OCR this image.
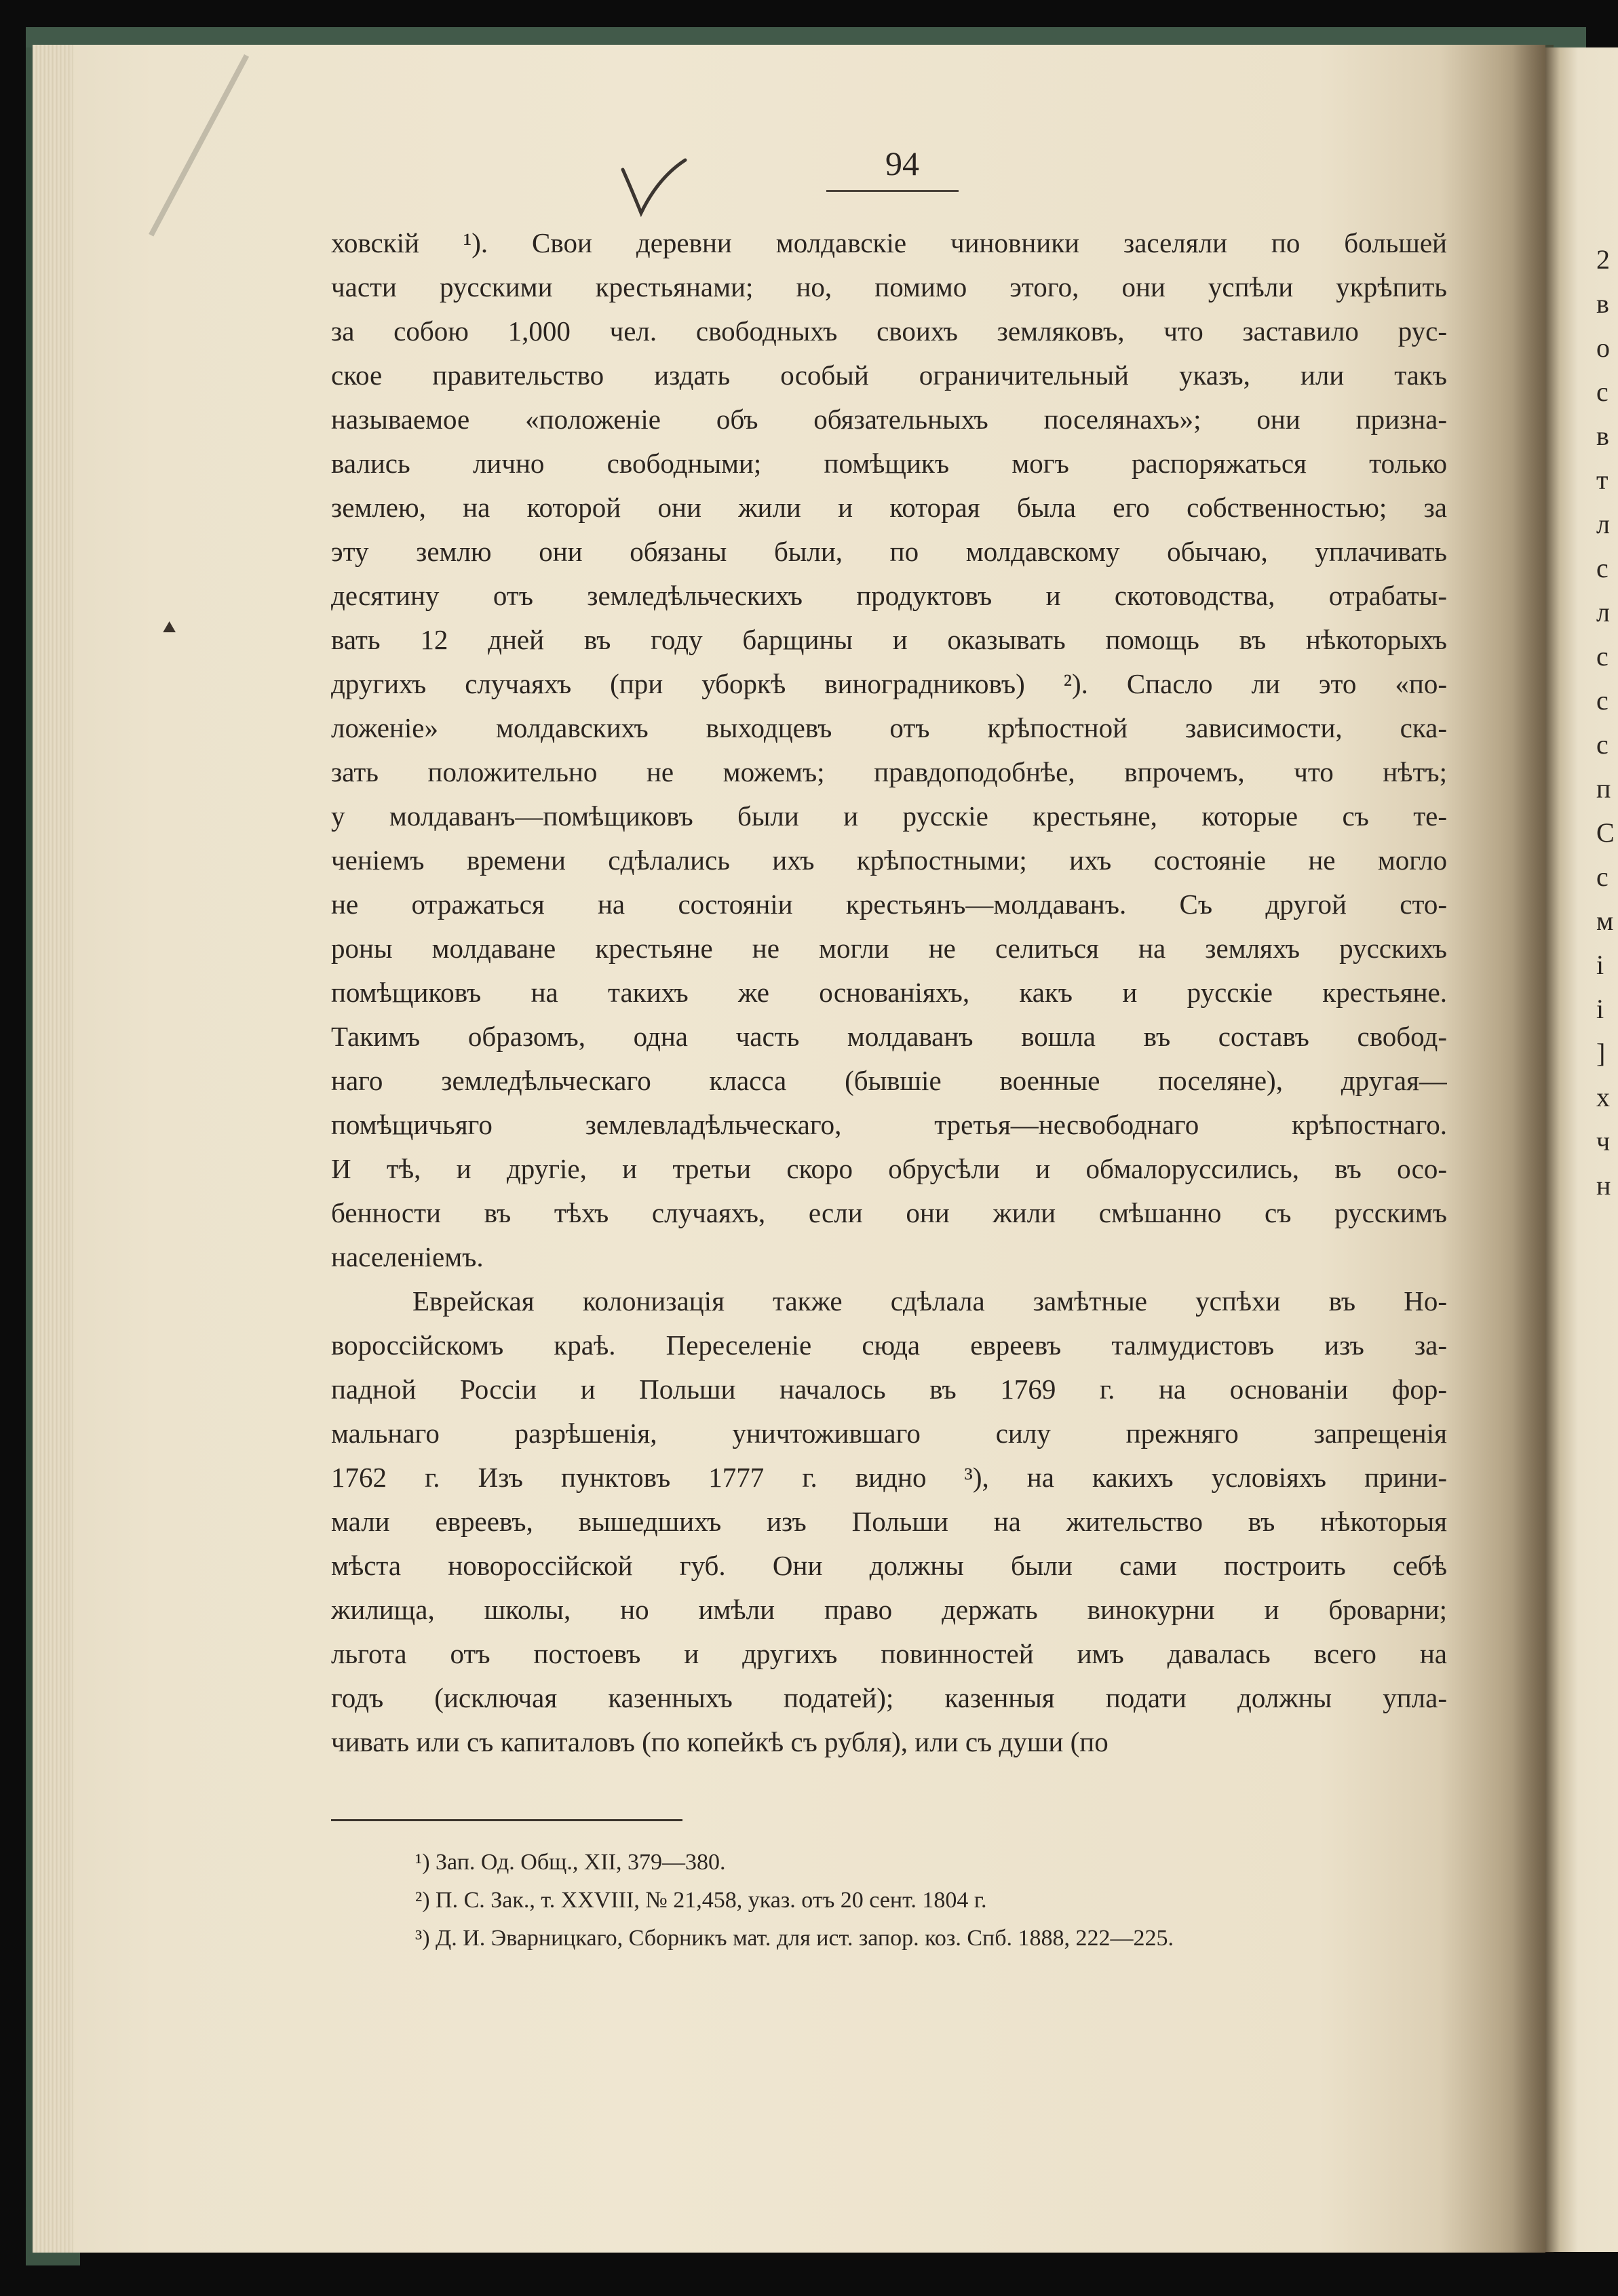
2
в
о
с
в
т
л
с
л
с
с
с
п
С
с
м
і
і
]
х
ч
н
94
⯅
ховскій ¹). Свои деревни молдавскіе чиновники заселяли по большей
части русскими крестьянами; но, помимо этого, они успѣли укрѣпить
за собою 1,000 чел. свободныхъ своихъ земляковъ, что заставило рус-
ское правительство издать особый ограничительный указъ, или такъ
называемое «положеніе объ обязательныхъ поселянахъ»; они призна-
вались лично свободными; помѣщикъ могъ распоряжаться только
землею, на которой они жили и которая была его собственностью; за
эту землю они обязаны были, по молдавскому обычаю, уплачивать
десятину отъ земледѣльческихъ продуктовъ и скотоводства, отрабаты-
вать 12 дней въ году барщины и оказывать помощь въ нѣкоторыхъ
другихъ случаяхъ (при уборкѣ виноградниковъ) ²). Спасло ли это «по-
ложеніе» молдавскихъ выходцевъ отъ крѣпостной зависимости, ска-
зать положительно не можемъ; правдоподобнѣе, впрочемъ, что нѣтъ;
у молдаванъ—помѣщиковъ были и русскіе крестьяне, которые съ те-
ченіемъ времени сдѣлались ихъ крѣпостными; ихъ состояніе не могло
не отражаться на состояніи крестьянъ—молдаванъ. Съ другой сто-
роны молдаване крестьяне не могли не селиться на земляхъ русскихъ
помѣщиковъ на такихъ же основаніяхъ, какъ и русскіе крестьяне.
Такимъ образомъ, одна часть молдаванъ вошла въ составъ свобод-
наго земледѣльческаго класса (бывшіе военные поселяне), другая—
помѣщичьяго землевладѣльческаго, третья—несвободнаго крѣпостнаго.
И тѣ, и другіе, и третьи скоро обрусѣли и обмалоруссились, въ осо-
бенности въ тѣхъ случаяхъ, если они жили смѣшанно съ русскимъ
населеніемъ.
Еврейская колонизація также сдѣлала замѣтные успѣхи въ Но-
вороссійскомъ краѣ. Переселеніе сюда евреевъ талмудистовъ изъ за-
падной Россіи и Польши началось въ 1769 г. на основаніи фор-
мальнаго разрѣшенія, уничтожившаго силу прежняго запрещенія
1762 г. Изъ пунктовъ 1777 г. видно ³), на какихъ условіяхъ прини-
мали евреевъ, вышедшихъ изъ Польши на жительство въ нѣкоторыя
мѣста новороссійской губ. Они должны были сами построить себѣ
жилища, школы, но имѣли право держать винокурни и броварни;
льгота отъ постоевъ и другихъ повинностей имъ давалась всего на
годъ (исключая казенныхъ податей); казенныя подати должны упла-
чивать или съ капиталовъ (по копейкѣ съ рубля), или съ души (по
¹) Зап. Од. Общ., XII, 379—380.
²) П. С. Зак., т. XXVIII, № 21,458, указ. отъ 20 сент. 1804 г.
³) Д. И. Эварницкаго, Сборникъ мат. для ист. запор. коз. Спб. 1888, 222—225.
